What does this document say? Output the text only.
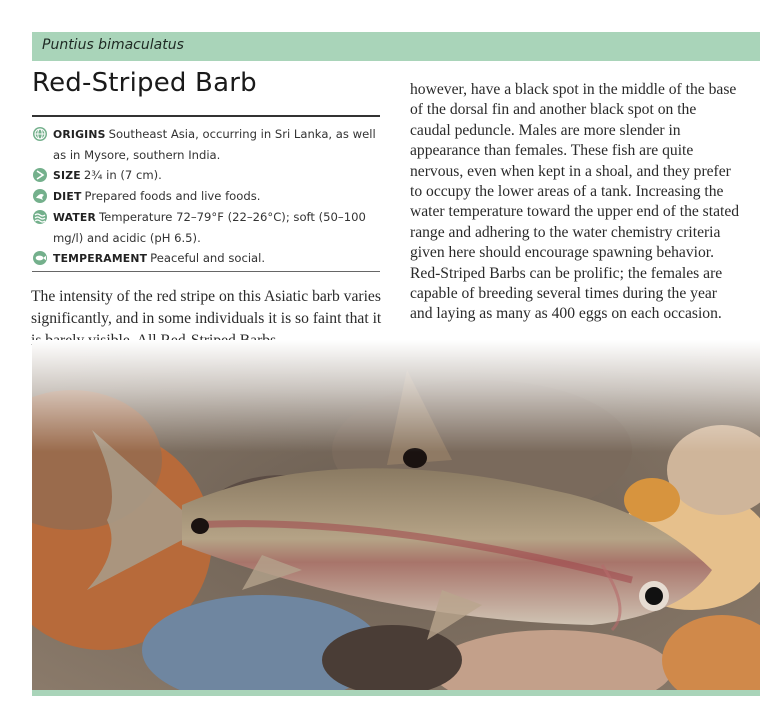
Puntius bimaculatus
Red-Striped Barb
ORIGINS Southeast Asia, occurring in Sri Lanka, as well as in Mysore, southern India.
SIZE 2¾ in (7 cm).
DIET Prepared foods and live foods.
WATER Temperature 72–79°F (22–26°C); soft (50–100 mg/l) and acidic (pH 6.5).
TEMPERAMENT Peaceful and social.

The intensity of the red stripe on this Asiatic barb varies significantly, and in some individuals it is so faint that it

however, have a black spot in the middle of the base of the dorsal fin and another black spot on the caudal peduncle. Males are more slender in appearance than females. These fish are quite nervous, even when kept in a shoal, and they prefer to occupy the lower areas of a tank. Increasing the water temperature toward the upper end of the stated range and adhering to the water chemistry criteria given here should encourage spawning behavior. Red-Striped Barbs can be prolific; the females are capable of breeding several times during the year and laying as many as 400 eggs on each occasion.
